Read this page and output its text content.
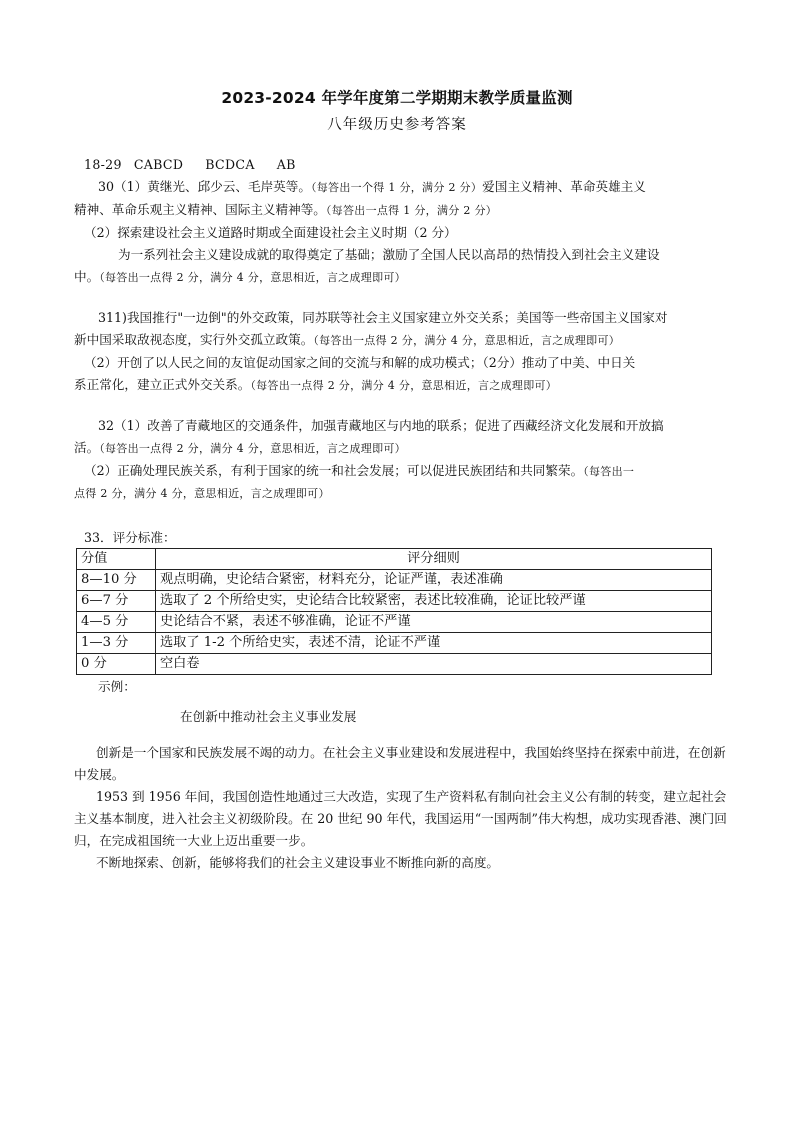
2023-2024 年学年度第二学期期末教学质量监测
八年级历史参考答案

18-29 CABCD BCDCA AB

30（1）黄继光、邱少云、毛岸英等。（每答出一个得 1 分，满分 2 分）爱国主义精神、革命英雄主义

精神、革命乐观主义精神、国际主义精神等。（每答出一点得 1 分，满分 2 分）

（2）探索建设社会主义道路时期或全面建设社会主义时期（2 分）

为一系列社会主义建设成就的取得奠定了基础；激励了全国人民以高昂的热情投入到社会主义建设

中。（每答出一点得 2 分，满分 4 分，意思相近，言之成理即可）

311)我国推行"一边倒"的外交政策，同苏联等社会主义国家建立外交关系；美国等一些帝国主义国家对

新中国采取敌视态度，实行外交孤立政策。（每答出一点得 2 分，满分 4 分，意思相近，言之成理即可）

（2）开创了以人民之间的友谊促动国家之间的交流与和解的成功模式；（2分）推动了中美、中日关

系正常化，建立正式外交关系。（每答出一点得 2 分，满分 4 分，意思相近，言之成理即可）

32（1）改善了青藏地区的交通条件，加强青藏地区与内地的联系；促进了西藏经济文化发展和开放搞

活。（每答出一点得 2 分，满分 4 分，意思相近，言之成理即可）

（2）正确处理民族关系，有利于国家的统一和社会发展；可以促进民族团结和共同繁荣。（每答出一

点得 2 分，满分 4 分，意思相近，言之成理即可）

33．评分标准：
分值	评分细则
8—10 分	观点明确，史论结合紧密，材料充分，论证严谨，表述准确
6—7 分	选取了 2 个所给史实，史论结合比较紧密，表述比较准确，论证比较严谨
4—5 分	史论结合不紧，表述不够准确，论证不严谨
1—3 分	选取了 1-2 个所给史实，表述不清，论证不严谨
0 分	空白卷
示例：
在创新中推动社会主义事业发展

创新是一个国家和民族发展不竭的动力。在社会主义事业建设和发展进程中，我国始终坚持在探索中前进，在创新中发展。

1953 到 1956 年间，我国创造性地通过三大改造，实现了生产资料私有制向社会主义公有制的转变，建立起社会主义基本制度，进入社会主义初级阶段。在 20 世纪 90 年代，我国运用“一国两制”伟大构想，成功实现香港、澳门回归，在完成祖国统一大业上迈出重要一步。

不断地探索、创新，能够将我们的社会主义建设事业不断推向新的高度。
